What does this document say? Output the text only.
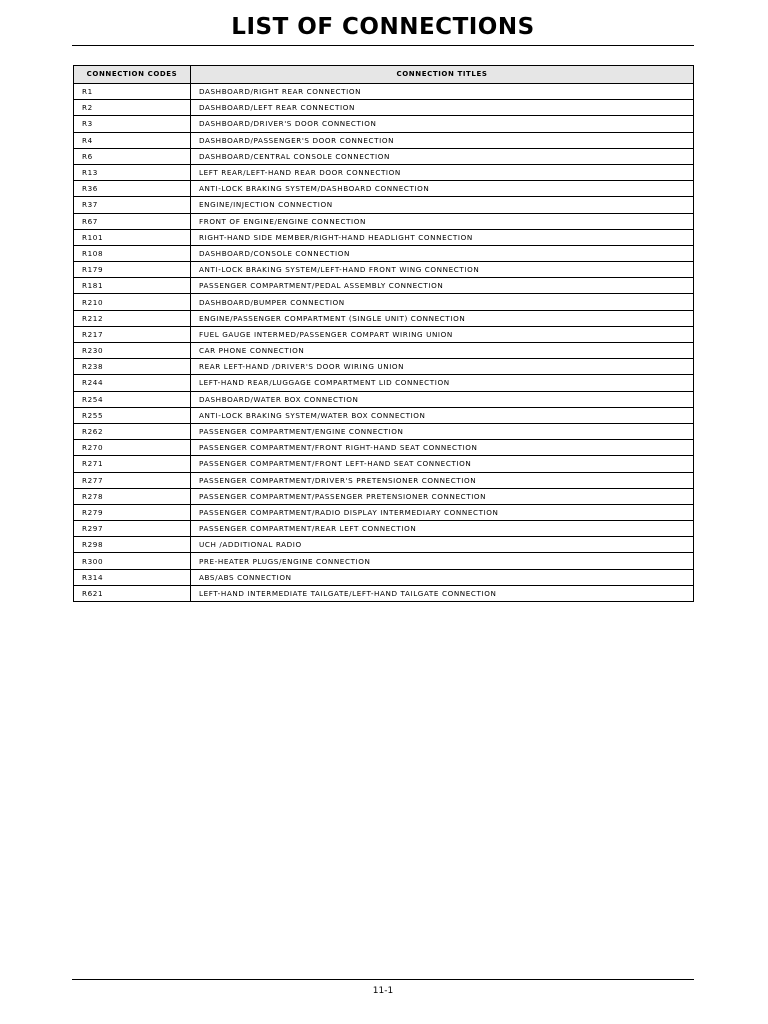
LIST OF CONNECTIONS
CONNECTION CODES	CONNECTION TITLES
R1	DASHBOARD/RIGHT REAR CONNECTION
R2	DASHBOARD/LEFT REAR CONNECTION
R3	DASHBOARD/DRIVER'S DOOR CONNECTION
R4	DASHBOARD/PASSENGER'S DOOR CONNECTION
R6	DASHBOARD/CENTRAL CONSOLE CONNECTION
R13	LEFT REAR/LEFT-HAND REAR DOOR CONNECTION
R36	ANTI-LOCK BRAKING SYSTEM/DASHBOARD CONNECTION
R37	ENGINE/INJECTION CONNECTION
R67	FRONT OF ENGINE/ENGINE CONNECTION
R101	RIGHT-HAND SIDE MEMBER/RIGHT-HAND HEADLIGHT CONNECTION
R108	DASHBOARD/CONSOLE CONNECTION
R179	ANTI-LOCK BRAKING SYSTEM/LEFT-HAND FRONT WING CONNECTION
R181	PASSENGER COMPARTMENT/PEDAL ASSEMBLY CONNECTION
R210	DASHBOARD/BUMPER CONNECTION
R212	ENGINE/PASSENGER COMPARTMENT (SINGLE UNIT) CONNECTION
R217	FUEL GAUGE INTERMED/PASSENGER COMPART WIRING UNION
R230	CAR PHONE CONNECTION
R238	REAR LEFT-HAND /DRIVER'S DOOR WIRING UNION
R244	LEFT-HAND REAR/LUGGAGE COMPARTMENT LID CONNECTION
R254	DASHBOARD/WATER BOX CONNECTION
R255	ANTI-LOCK BRAKING SYSTEM/WATER BOX CONNECTION
R262	PASSENGER COMPARTMENT/ENGINE CONNECTION
R270	PASSENGER COMPARTMENT/FRONT RIGHT-HAND SEAT CONNECTION
R271	PASSENGER COMPARTMENT/FRONT LEFT-HAND SEAT CONNECTION
R277	PASSENGER COMPARTMENT/DRIVER'S PRETENSIONER CONNECTION
R278	PASSENGER COMPARTMENT/PASSENGER PRETENSIONER CONNECTION
R279	PASSENGER COMPARTMENT/RADIO DISPLAY INTERMEDIARY CONNECTION
R297	PASSENGER COMPARTMENT/REAR LEFT CONNECTION
R298	UCH /ADDITIONAL RADIO
R300	PRE-HEATER PLUGS/ENGINE CONNECTION
R314	ABS/ABS CONNECTION
R621	LEFT-HAND INTERMEDIATE TAILGATE/LEFT-HAND TAILGATE CONNECTION
11-1
